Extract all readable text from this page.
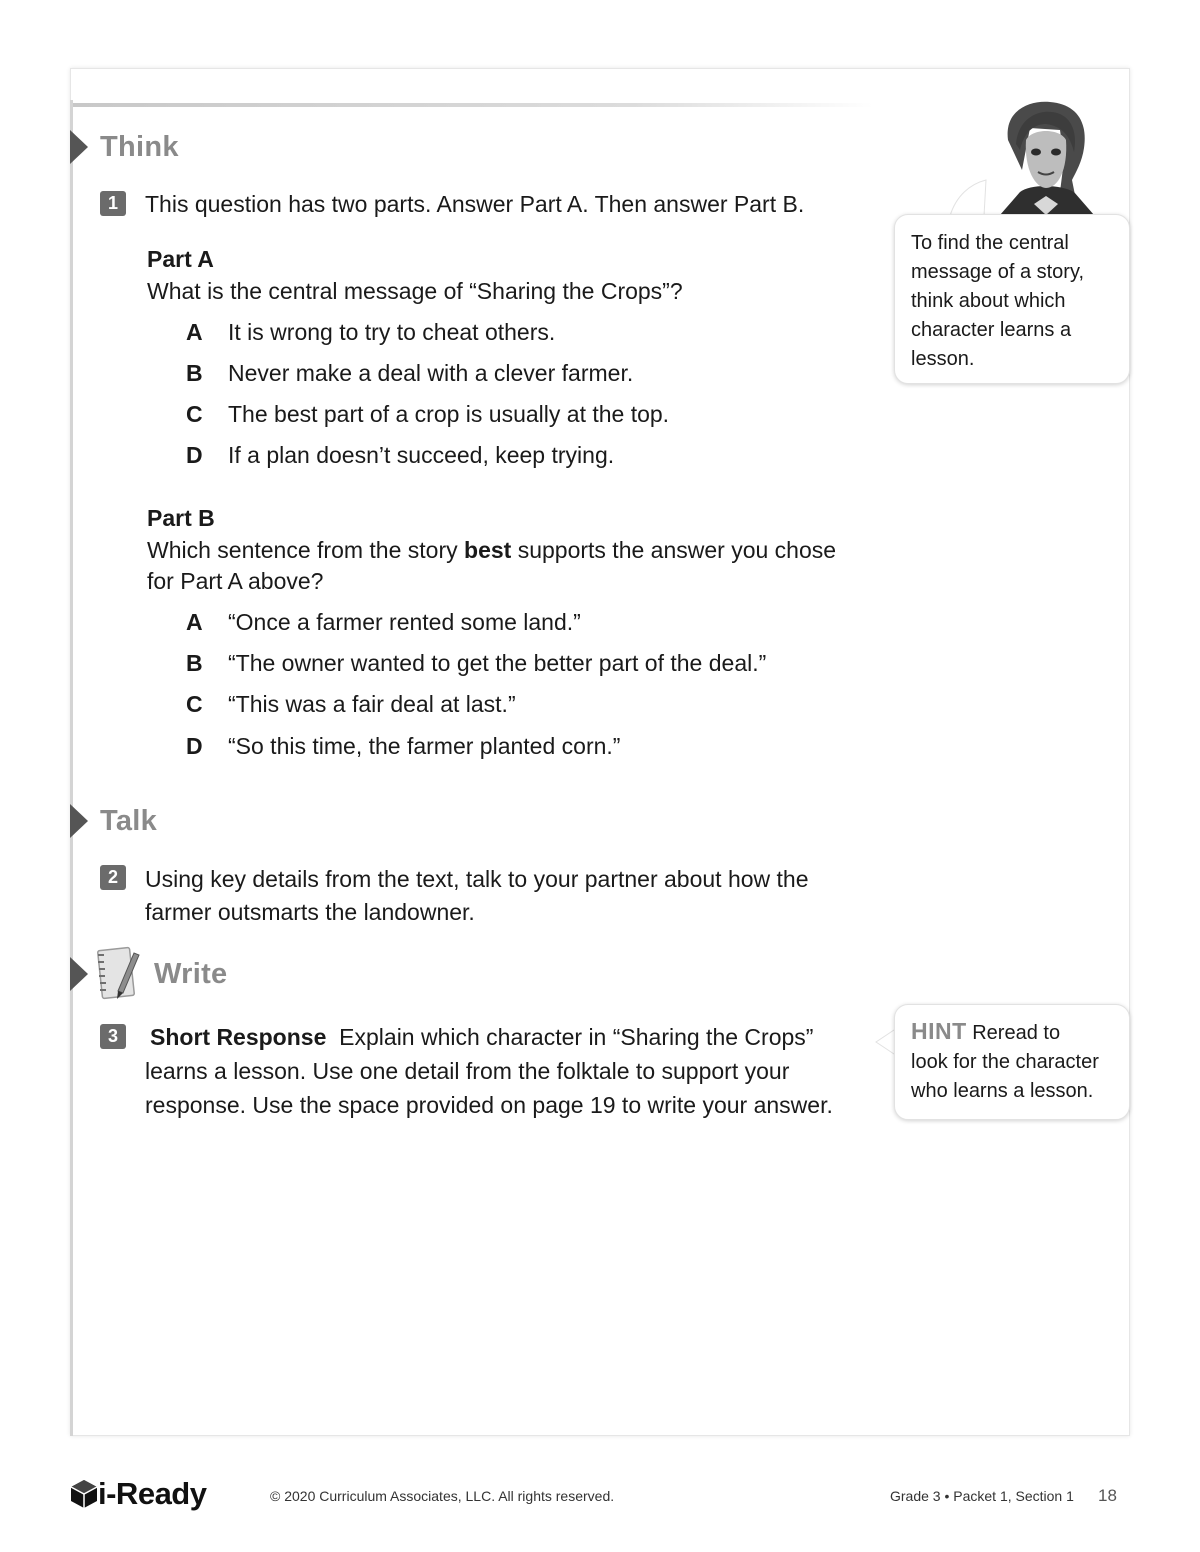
Think
1	This question has two parts. Answer Part A. Then answer Part B.
Part A
What is the central message of “Sharing the Crops”?
A It is wrong to try to cheat others.
B Never make a deal with a clever farmer.
C The best part of a crop is usually at the top.
D If a plan doesn’t succeed, keep trying.
Part B
Which sentence from the story best supports the answer you chose
for Part A above?
A “Once a farmer rented some land.”
B “The owner wanted to get the better part of the deal.”
C “This was a fair deal at last.”
D “So this time, the farmer planted corn.”
Talk
2	Using key details from the text, talk to your partner about how the
farmer outsmarts the landowner.
Write
3	Short Response Explain which character in “Sharing the Crops”
learns a lesson. Use one detail from the folktale to support your
response. Use the space provided on page 19 to write your answer.
To find the central
message of a story,
think about which
character learns a
lesson.
HINT Reread to
look for the character
who learns a lesson.
i-Ready	© 2020 Curriculum Associates, LLC. All rights reserved.	Grade 3 • Packet 1, Section 1 18
